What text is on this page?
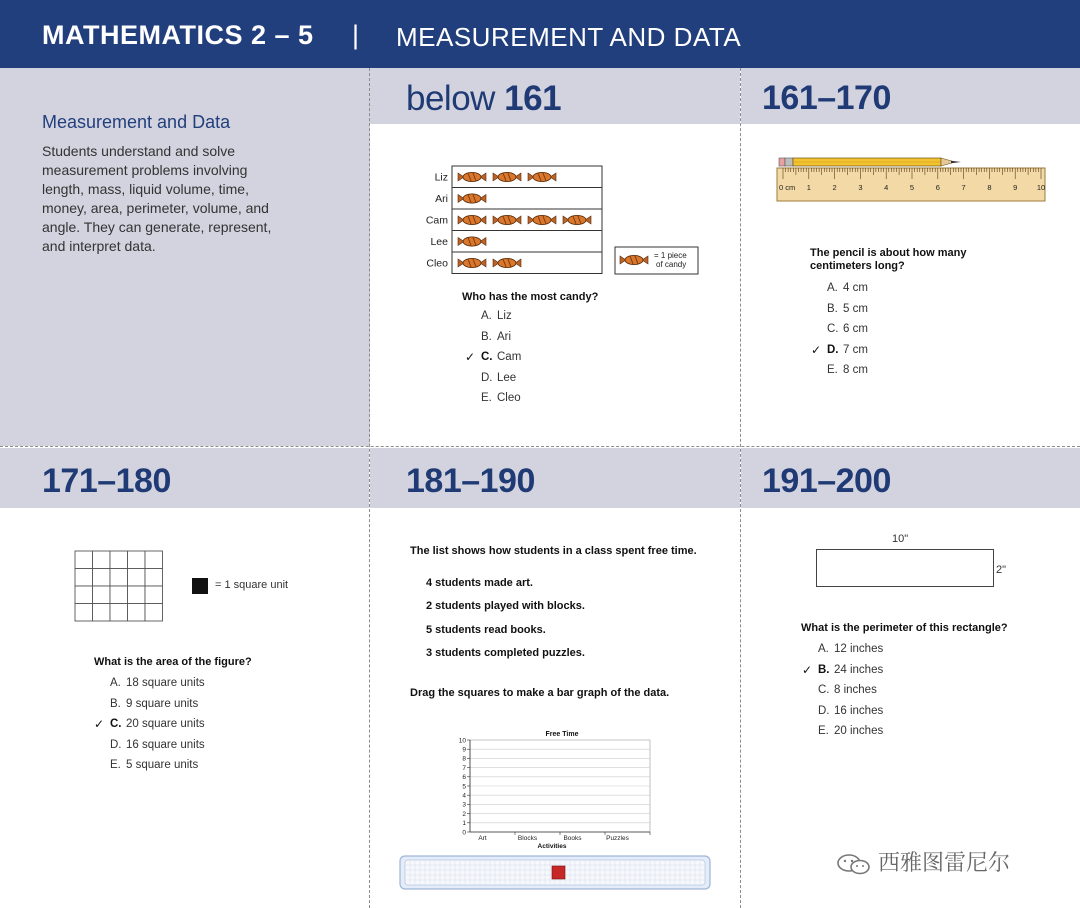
MATHEMATICS 2 – 5 | MEASUREMENT AND DATA
Measurement and Data

Students understand and solve measurement problems involving length, mass, liquid volume, time, money, area, perimeter, volume, and angle. They can generate, represent, and interpret data.

below 161
Liz
Ari
Cam
Lee
Cleo
= 1 piece
of candy
Who has the most candy?
A. Liz
B. Ari
✓ C. Cam
D. Lee
E. Cleo
161–170
0 cm 1	2	3	4	5	6	7	8	9	10
The pencil is about how many
centimeters long?
A. 4 cm
B. 5 cm
C. 6 cm
✓ D. 7 cm
E. 8 cm
171–180
= 1 square unit
What is the area of the figure?
A. 18 square units
B. 9 square units
✓ C. 20 square units
D. 16 square units
E. 5 square units
181–190
The list shows how students in a class spent free time.
4 students made art.
2 students played with blocks.
5 students read books.
3 students completed puzzles.
Drag the squares to make a bar graph of the data.
Free Time
0
1
2
3
4
5
6
7
8
9
10
Art	Blocks	Books	Puzzles
Activities
191–200
10"
2"
What is the perimeter of this rectangle?
A. 12 inches
✓ B. 24 inches
C. 8 inches
D. 16 inches
E. 20 inches
西雅图雷尼尔
